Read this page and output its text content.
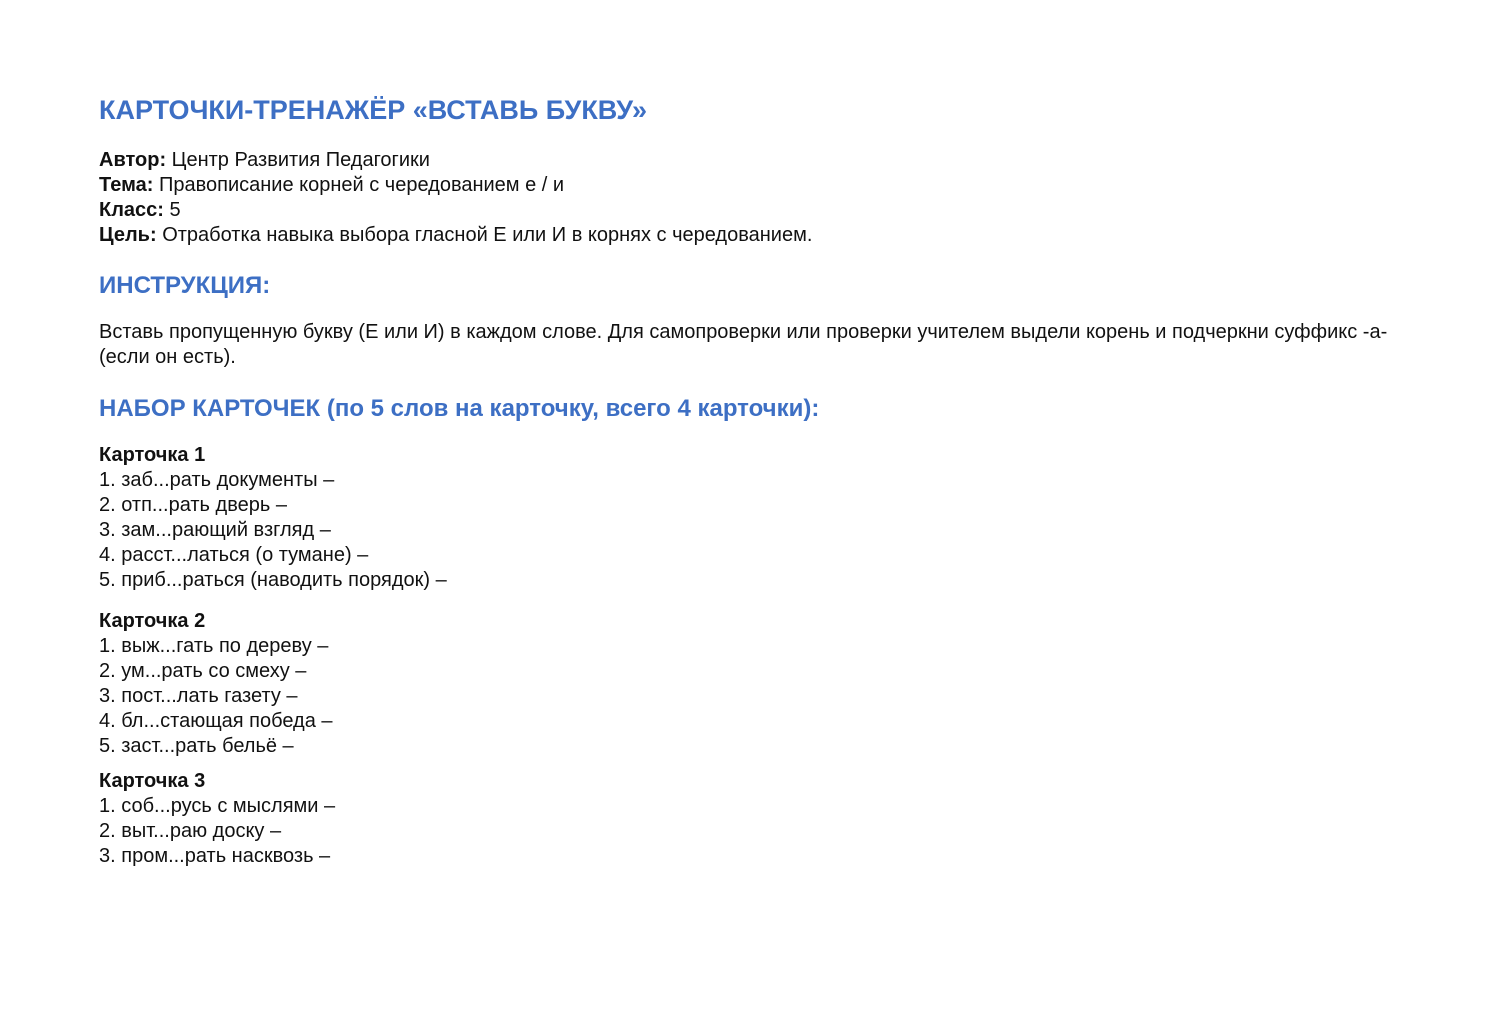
КАРТОЧКИ-ТРЕНАЖЁР «ВСТАВЬ БУКВУ»
Автор: Центр Развития Педагогики
Тема: Правописание корней с чередованием е / и
Класс: 5
Цель: Отработка навыка выбора гласной Е или И в корнях с чередованием.
ИНСТРУКЦИЯ:
Вставь пропущенную букву (Е или И) в каждом слове. Для самопроверки или проверки учителем выдели корень и подчеркни суффикс -а- (если он есть).
НАБОР КАРТОЧЕК (по 5 слов на карточку, всего 4 карточки):
Карточка 1
1. заб...рать документы –
2. отп...рать дверь –
3. зам...рающий взгляд –
4. расст...латься (о тумане) –
5. приб...раться (наводить порядок) –
Карточка 2
1. выж...гать по дереву –
2. ум...рать со смеху –
3. пост...лать газету –
4. бл...стающая победа –
5. заст...рать бельё –
Карточка 3
1. соб...русь с мыслями –
2. выт...раю доску –
3. пром...рать насквозь –
